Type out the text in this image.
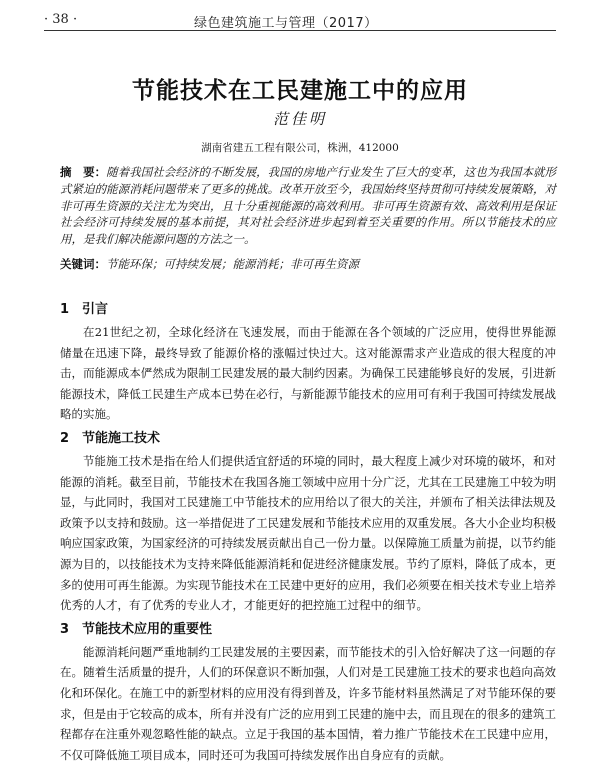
· 38 ·	绿色建筑施工与管理（2017）
节能技术在工民建施工中的应用
范佳明
湖南省建五工程有限公司，株洲，412000
摘　要：随着我国社会经济的不断发展，我国的房地产行业发生了巨大的变革，这也为我国本就形式紧迫的能源消耗问题带来了更多的挑战。改革开放至今，我国始终坚持贯彻可持续发展策略，对非可再生资源的关注尤为突出，且十分重视能源的高效利用。非可再生资源有效、高效利用是保证社会经济可持续发展的基本前提，其对社会经济进步起到着至关重要的作用。所以节能技术的应用，是我们解决能源问题的方法之一。
关键词：节能环保；可持续发展；能源消耗；非可再生资源
1 引言

在21世纪之初，全球化经济在飞速发展，而由于能源在各个领域的广泛应用，使得世界能源储量在迅速下降，最终导致了能源价格的涨幅过快过大。这对能源需求产业造成的很大程度的冲击，而能源成本俨然成为限制工民建发展的最大制约因素。为确保工民建能够良好的发展，引进新能源技术，降低工民建生产成本已势在必行，与新能源节能技术的应用可有利于我国可持续发展战略的实施。

2 节能施工技术

节能施工技术是指在给人们提供适宜舒适的环境的同时，最大程度上减少对环境的破坏，和对能源的消耗。截至目前，节能技术在我国各施工领域中应用十分广泛，尤其在工民建施工中较为明显，与此同时，我国对工民建施工中节能技术的应用给以了很大的关注，并颁布了相关法律法规及政策予以支持和鼓励。这一举措促进了工民建发展和节能技术应用的双重发展。各大小企业均积极响应国家政策，为国家经济的可持续发展贡献出自己一份力量。以保障施工质量为前提，以节约能源为目的，以技能技术为支持来降低能源消耗和促进经济健康发展。节约了原料，降低了成本，更多的使用可再生能源。为实现节能技术在工民建中更好的应用，我们必须要在相关技术专业上培养优秀的人才，有了优秀的专业人才，才能更好的把控施工过程中的细节。

3 节能技术应用的重要性

能源消耗问题严重地制约工民建发展的主要因素，而节能技术的引入恰好解决了这一问题的存在。随着生活质量的提升，人们的环保意识不断加强，人们对是工民建施工技术的要求也趋向高效化和环保化。在施工中的新型材料的应用没有得到普及，许多节能材料虽然满足了对节能环保的要求，但是由于它较高的成本，所有并没有广泛的应用到工民建的施中去，而且现在的很多的建筑工程都存在注重外观忽略性能的缺点。立足于我国的基本国情，着力推广节能技术在工民建中应用，不仅可降低施工项目成本，同时还可为我国可持续发展作出自身应有的贡献。
